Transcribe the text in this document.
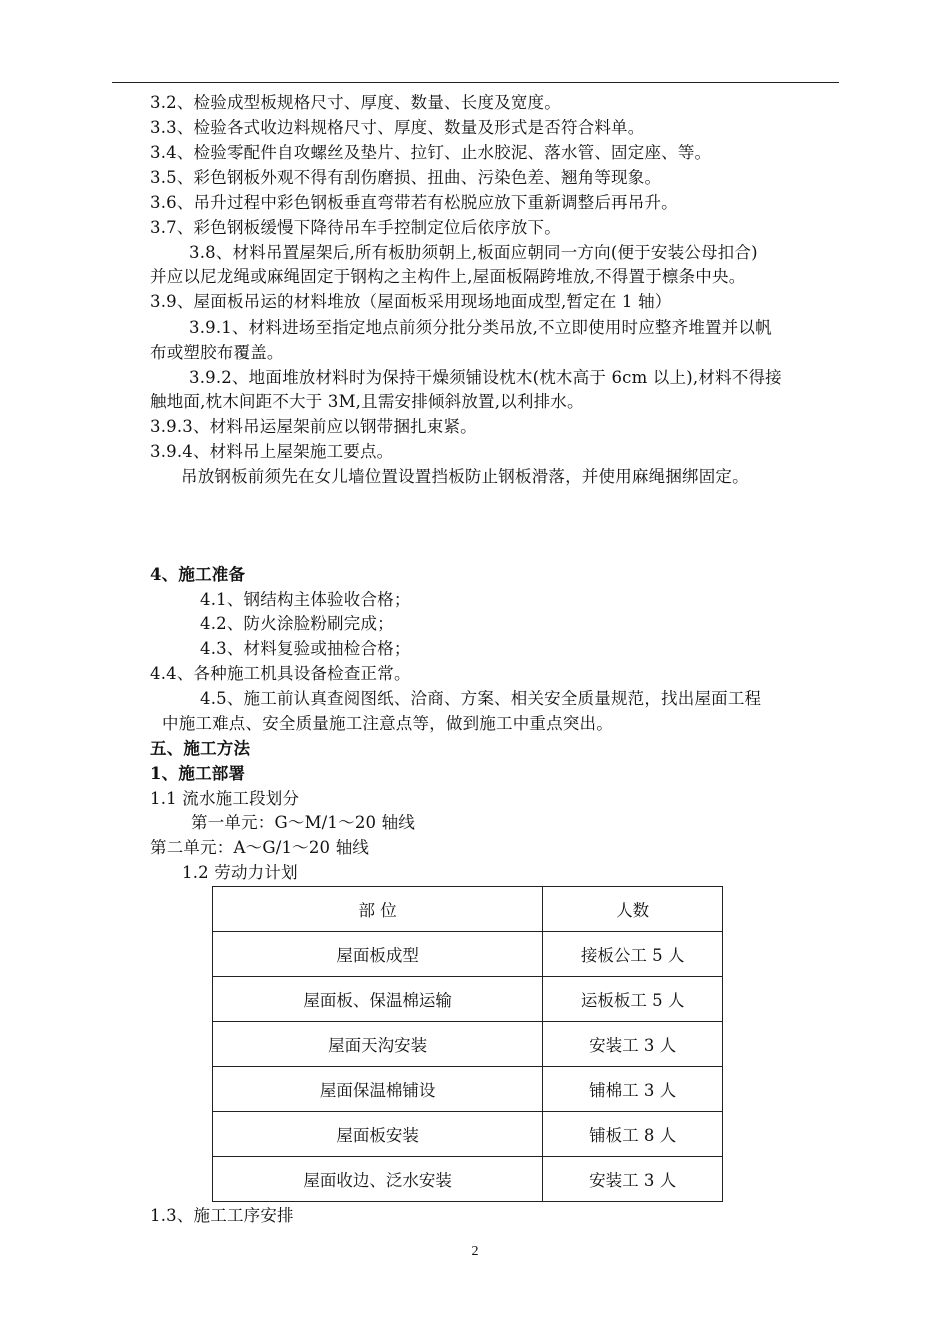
3.2、检验成型板规格尺寸、厚度、数量、长度及宽度。
3.3、检验各式收边料规格尺寸、厚度、数量及形式是否符合料单。
3.4、检验零配件自攻螺丝及垫片、拉钉、止水胶泥、落水管、固定座、等。
3.5、彩色钢板外观不得有刮伤磨损、扭曲、污染色差、翘角等现象。
3.6、吊升过程中彩色钢板垂直弯带若有松脱应放下重新调整后再吊升。
3.7、彩色钢板缓慢下降待吊车手控制定位后依序放下。
3.8、材料吊置屋架后,所有板肋须朝上,板面应朝同一方向(便于安装公母扣合)
并应以尼龙绳或麻绳固定于钢构之主构件上,屋面板隔跨堆放,不得置于檩条中央。
3.9、屋面板吊运的材料堆放（屋面板采用现场地面成型,暂定在 1 轴）
3.9.1、材料进场至指定地点前须分批分类吊放,不立即使用时应整齐堆置并以帆
布或塑胶布覆盖。
3.9.2、地面堆放材料时为保持干燥须铺设枕木(枕木高于 6cm 以上),材料不得接
触地面,枕木间距不大于 3M,且需安排倾斜放置,以利排水。
3.9.3、材料吊运屋架前应以钢带捆扎束紧。
3.9.4、材料吊上屋架施工要点。
吊放钢板前须先在女儿墙位置设置挡板防止钢板滑落，并使用麻绳捆绑固定。
4、施工准备
4.1、钢结构主体验收合格；
4.2、防火涂脸粉刷完成；
4.3、材料复验或抽检合格；
4.4、各种施工机具设备检查正常。
4.5、施工前认真查阅图纸、洽商、方案、相关安全质量规范，找出屋面工程
中施工难点、安全质量施工注意点等，做到施工中重点突出。
五、施工方法
1、施工部署
1.1 流水施工段划分
第一单元：G～M/1～20 轴线
第二单元：A～G/1～20 轴线
1.2 劳动力计划
部 位	人数
屋面板成型	接板公工 5 人
屋面板、保温棉运输	运板板工 5 人
屋面天沟安装	安装工 3 人
屋面保温棉铺设	铺棉工 3 人
屋面板安装	铺板工 8 人
屋面收边、泛水安装	安装工 3 人
1.3、施工工序安排
2
